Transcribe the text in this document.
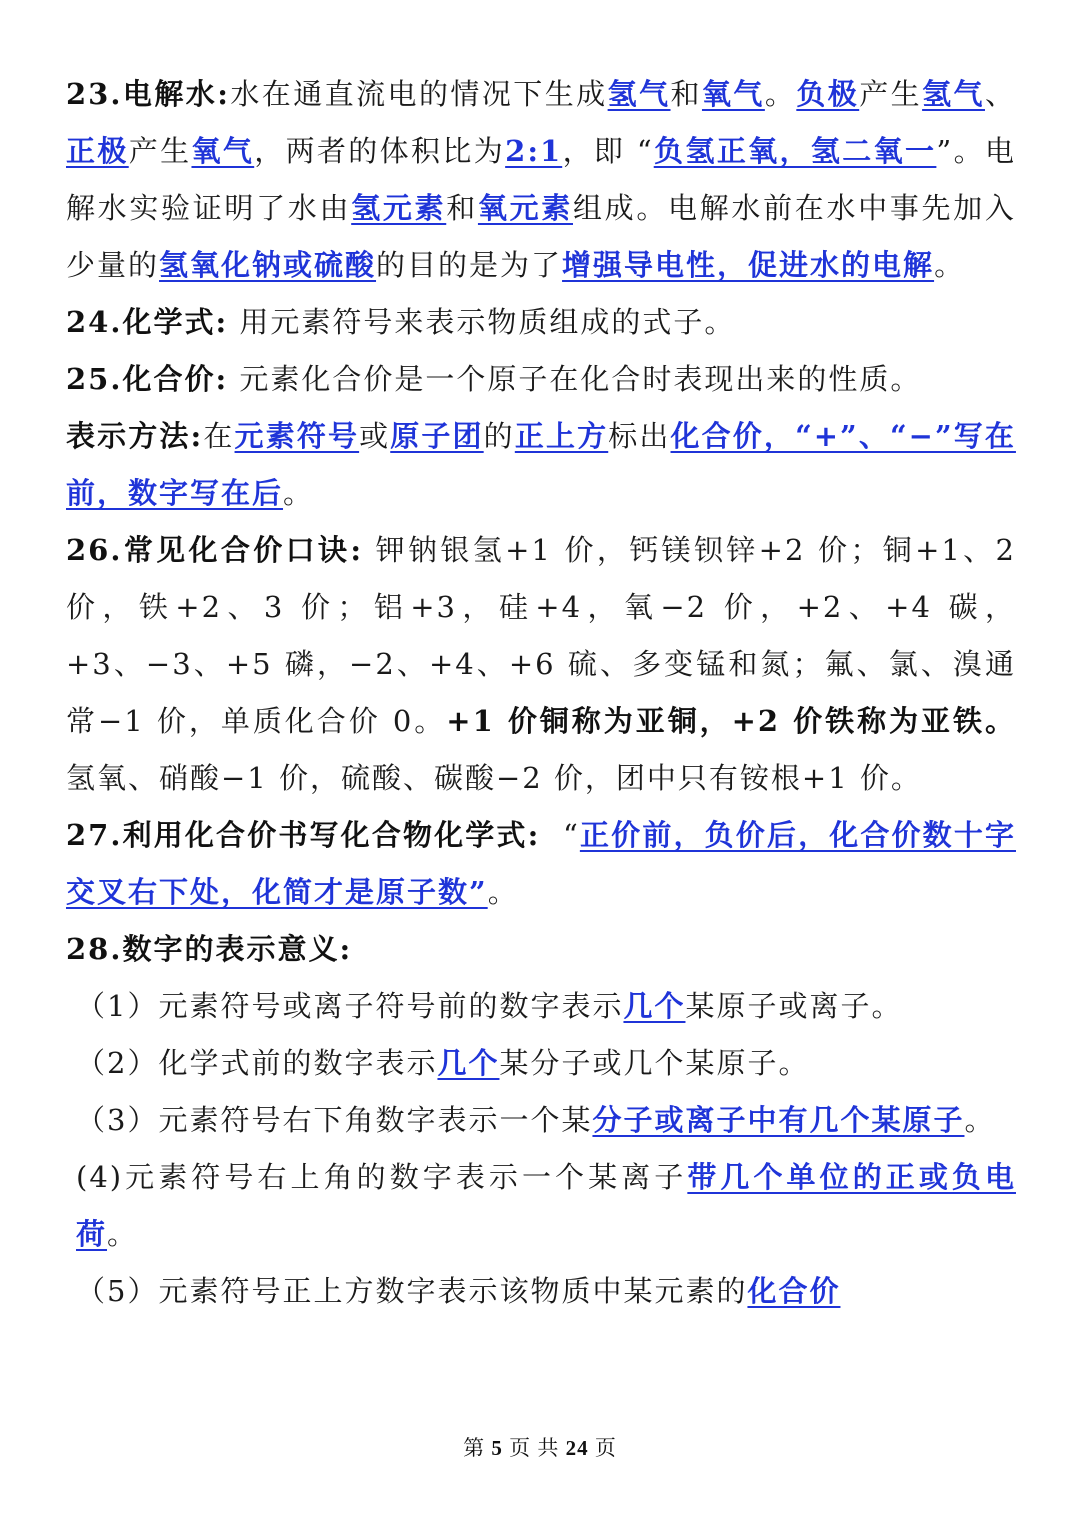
23.电解水:水在通直流电的情况下生成氢气和氧气。负极产生氢气、正极产生氧气，两者的体积比为2:1，即 “负氢正氧，氢二氧一”。电解水实验证明了水由氢元素和氧元素组成。电解水前在水中事先加入少量的氢氧化钠或硫酸的目的是为了增强导电性，促进水的电解。

24.化学式: 用元素符号来表示物质组成的式子。

25.化合价: 元素化合价是一个原子在化合时表现出来的性质。

表示方法:在元素符号或原子团的正上方标出化合价，“+”、“−”写在前，数字写在后。

26.常见化合价口诀: 钾钠银氢+1 价，钙镁钡锌+2 价；铜+1、2 价，铁+2、3 价；铝+3，硅+4，氧−2 价，+2、+4 碳，+3、−3、+5 磷，−2、+4、+6 硫、多变锰和氮；氟、氯、溴通常−1 价，单质化合价 0。+1 价铜称为亚铜，+2 价铁称为亚铁。氢氧、硝酸−1 价，硫酸、碳酸−2 价，团中只有铵根+1 价。

27.利用化合价书写化合物化学式: “正价前，负价后，化合价数十字交叉右下处，化简才是原子数”。

28.数字的表示意义:

（1）元素符号或离子符号前的数字表示几个某原子或离子。

（2）化学式前的数字表示几个某分子或几个某原子。

（3）元素符号右下角数字表示一个某分子或离子中有几个某原子。

(4)元素符号右上角的数字表示一个某离子带几个单位的正或负电荷。

（5）元素符号正上方数字表示该物质中某元素的化合价

第 5 页 共 24 页
